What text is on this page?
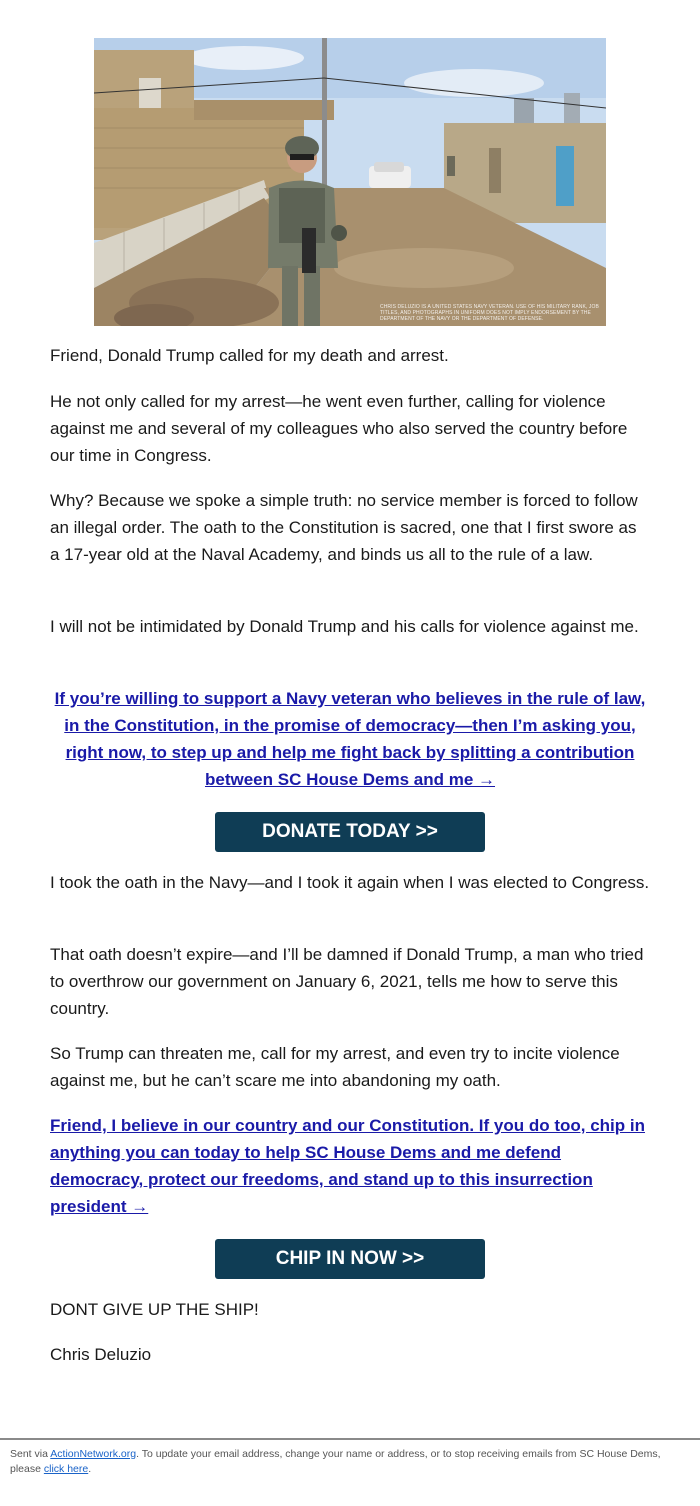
CHRIS DELUZIO IS A UNITED STATES NAVY VETERAN. USE OF HIS MILITARY RANK, JOB TITLES, AND PHOTOGRAPHS IN UNIFORM DOES NOT IMPLY ENDORSEMENT BY THE DEPARTMENT OF THE NAVY OR THE DEPARTMENT OF DEFENSE.

Friend, Donald Trump called for my death and arrest.

He not only called for my arrest—he went even further, calling for violence against me and several of my colleagues who also served the country before our time in Congress.

Why? Because we spoke a simple truth: no service member is forced to follow an illegal order. The oath to the Constitution is sacred, one that I first swore as a 17-year old at the Naval Academy, and binds us all to the rule of a law.

I will not be intimidated by Donald Trump and his calls for violence against me.

If you’re willing to support a Navy veteran who believes in the rule of law, in the Constitution, in the promise of democracy—then I’m asking you, right now, to step up and help me fight back by splitting a contribution between SC House Dems and me →
DONATE TODAY >>

I took the oath in the Navy—and I took it again when I was elected to Congress.

That oath doesn’t expire—and I’ll be damned if Donald Trump, a man who tried to overthrow our government on January 6, 2021, tells me how to serve this country.

So Trump can threaten me, call for my arrest, and even try to incite violence against me, but he can’t scare me into abandoning my oath.

Friend, I believe in our country and our Constitution. If you do too, chip in anything you can today to help SC House Dems and me defend democracy, protect our freedoms, and stand up to this insurrection president →
CHIP IN NOW >>

DONT GIVE UP THE SHIP!

Chris Deluzio

Sent via ActionNetwork.org. To update your email address, change your name or address, or to stop receiving emails from SC House Dems, please click here.
